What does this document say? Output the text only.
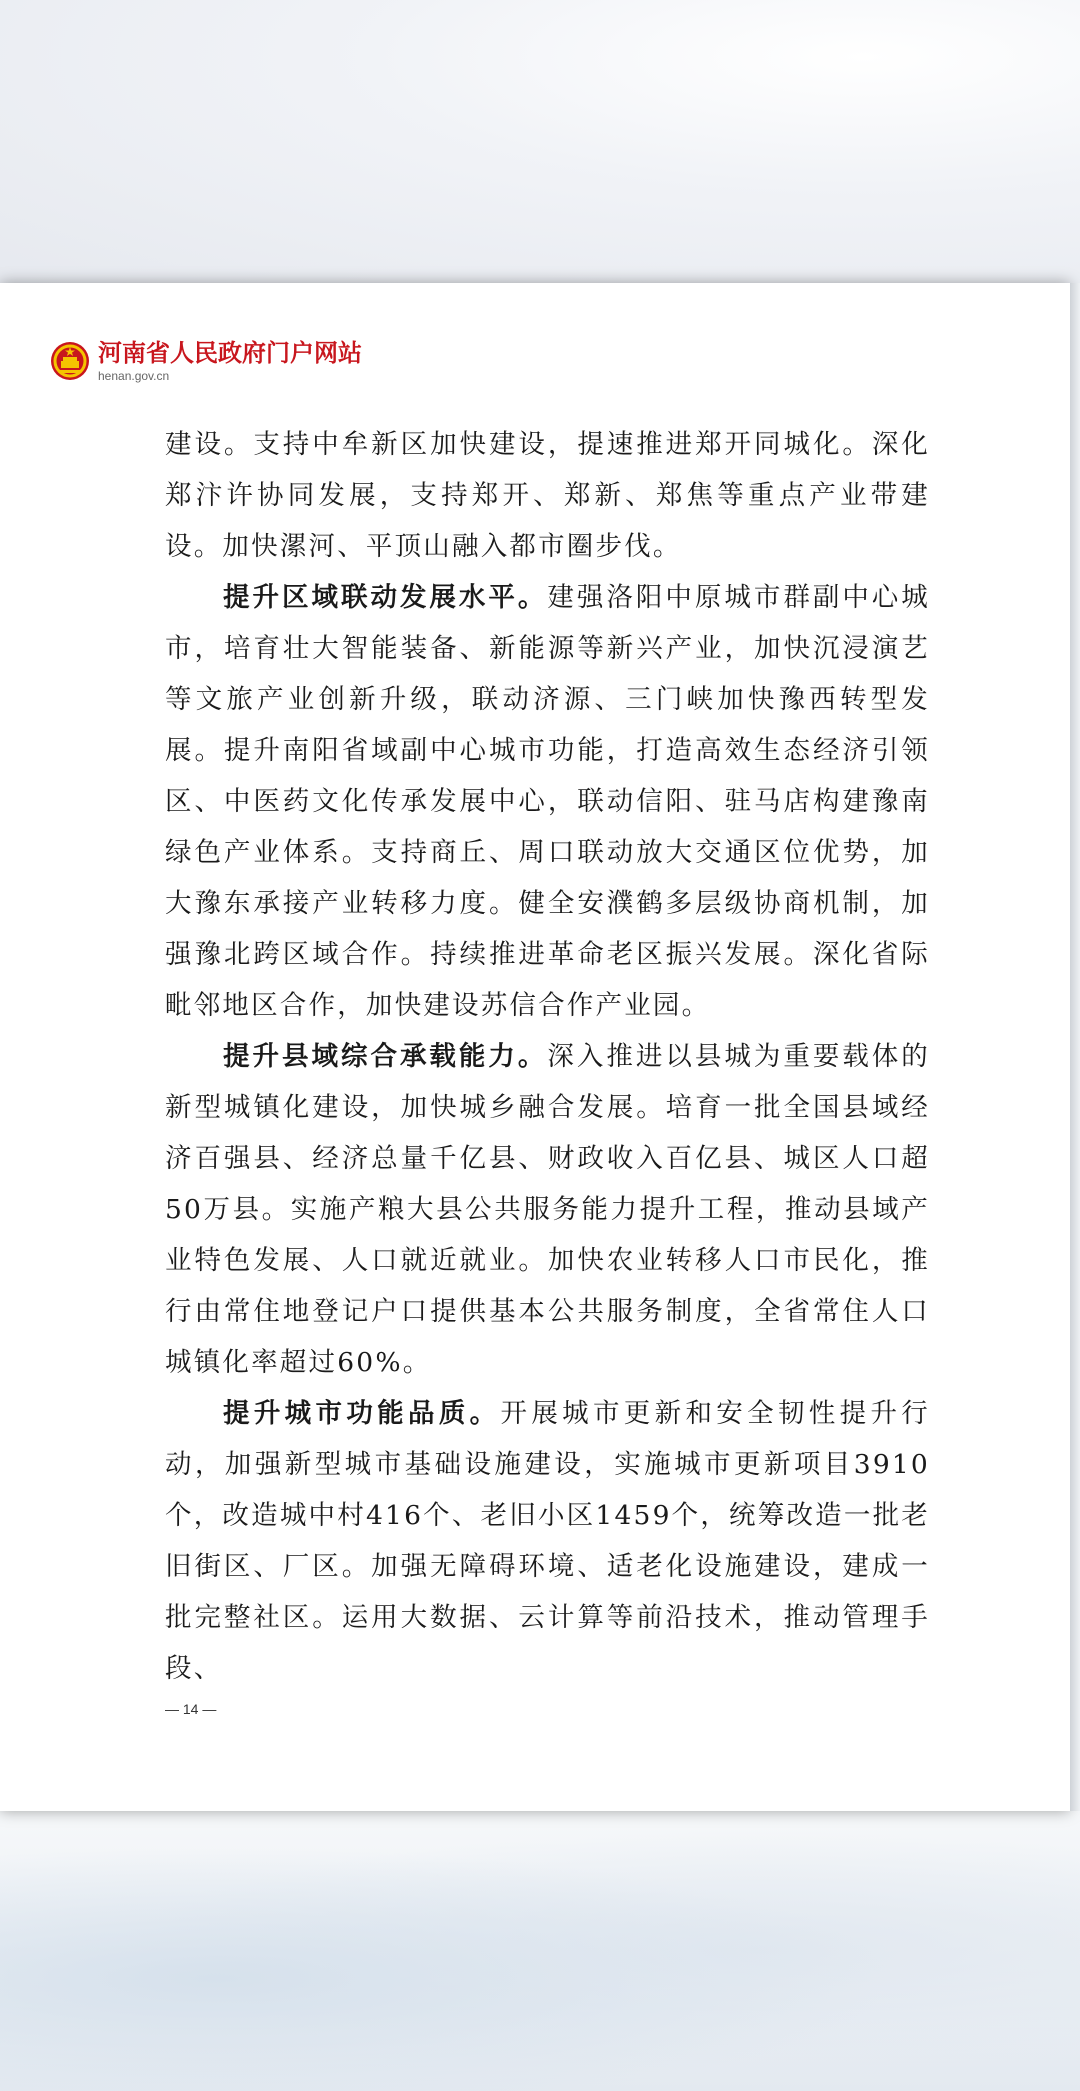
河南省人民政府门户网站
henan.gov.cn

建设。支持中牟新区加快建设，提速推进郑开同城化。深化郑汴许协同发展，支持郑开、郑新、郑焦等重点产业带建设。加快漯河、平顶山融入都市圈步伐。

提升区域联动发展水平。建强洛阳中原城市群副中心城市，培育壮大智能装备、新能源等新兴产业，加快沉浸演艺等文旅产业创新升级，联动济源、三门峡加快豫西转型发展。提升南阳省域副中心城市功能，打造高效生态经济引领区、中医药文化传承发展中心，联动信阳、驻马店构建豫南绿色产业体系。支持商丘、周口联动放大交通区位优势，加大豫东承接产业转移力度。健全安濮鹤多层级协商机制，加强豫北跨区域合作。持续推进革命老区振兴发展。深化省际毗邻地区合作，加快建设苏信合作产业园。

提升县域综合承载能力。深入推进以县城为重要载体的新型城镇化建设，加快城乡融合发展。培育一批全国县域经济百强县、经济总量千亿县、财政收入百亿县、城区人口超50万县。实施产粮大县公共服务能力提升工程，推动县域产业特色发展、人口就近就业。加快农业转移人口市民化，推行由常住地登记户口提供基本公共服务制度，全省常住人口城镇化率超过60%。

提升城市功能品质。开展城市更新和安全韧性提升行动，加强新型城市基础设施建设，实施城市更新项目3910个，改造城中村416个、老旧小区1459个，统筹改造一批老旧街区、厂区。加强无障碍环境、适老化设施建设，建成一批完整社区。运用大数据、云计算等前沿技术，推动管理手段、

— 14 —
